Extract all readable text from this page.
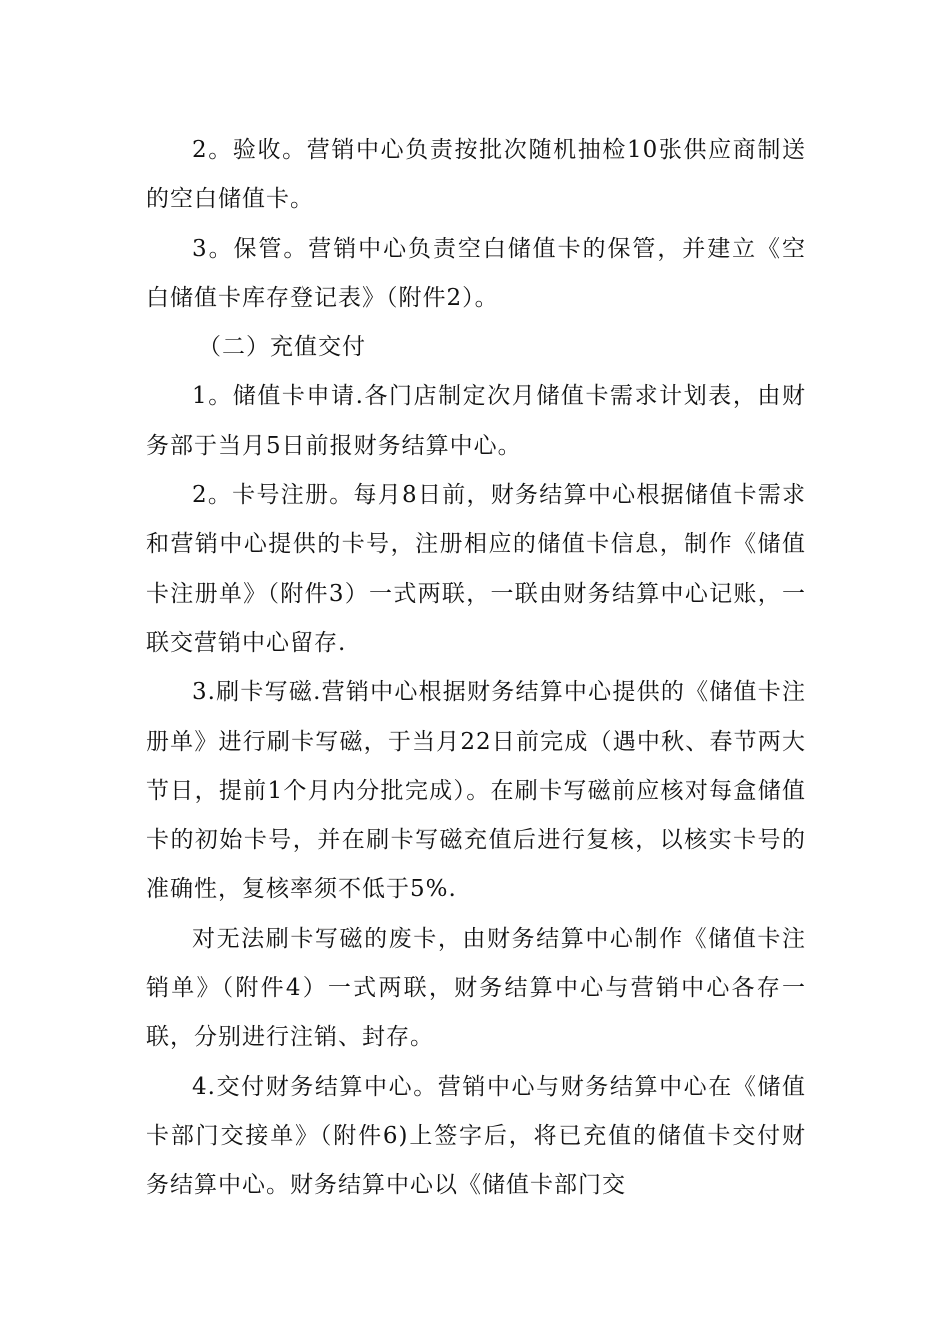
2。验收。营销中心负责按批次随机抽检10张供应商制送的空白储值卡。

3。保管。营销中心负责空白储值卡的保管，并建立《空白储值卡库存登记表》（附件2）。

（二）充值交付

1。储值卡申请.各门店制定次月储值卡需求计划表，由财务部于当月5日前报财务结算中心。

2。卡号注册。每月8日前，财务结算中心根据储值卡需求和营销中心提供的卡号，注册相应的储值卡信息，制作《储值卡注册单》（附件3）一式两联，一联由财务结算中心记账，一联交营销中心留存.

3.刷卡写磁.营销中心根据财务结算中心提供的《储值卡注册单》进行刷卡写磁，于当月22日前完成（遇中秋、春节两大节日，提前1个月内分批完成）。在刷卡写磁前应核对每盒储值卡的初始卡号，并在刷卡写磁充值后进行复核，以核实卡号的准确性，复核率须不低于5%.

对无法刷卡写磁的废卡，由财务结算中心制作《储值卡注销单》（附件4）一式两联，财务结算中心与营销中心各存一联，分别进行注销、封存。

4.交付财务结算中心。营销中心与财务结算中心在《储值卡部门交接单》（附件6)上签字后，将已充值的储值卡交付财务结算中心。财务结算中心以《储值卡部门交
